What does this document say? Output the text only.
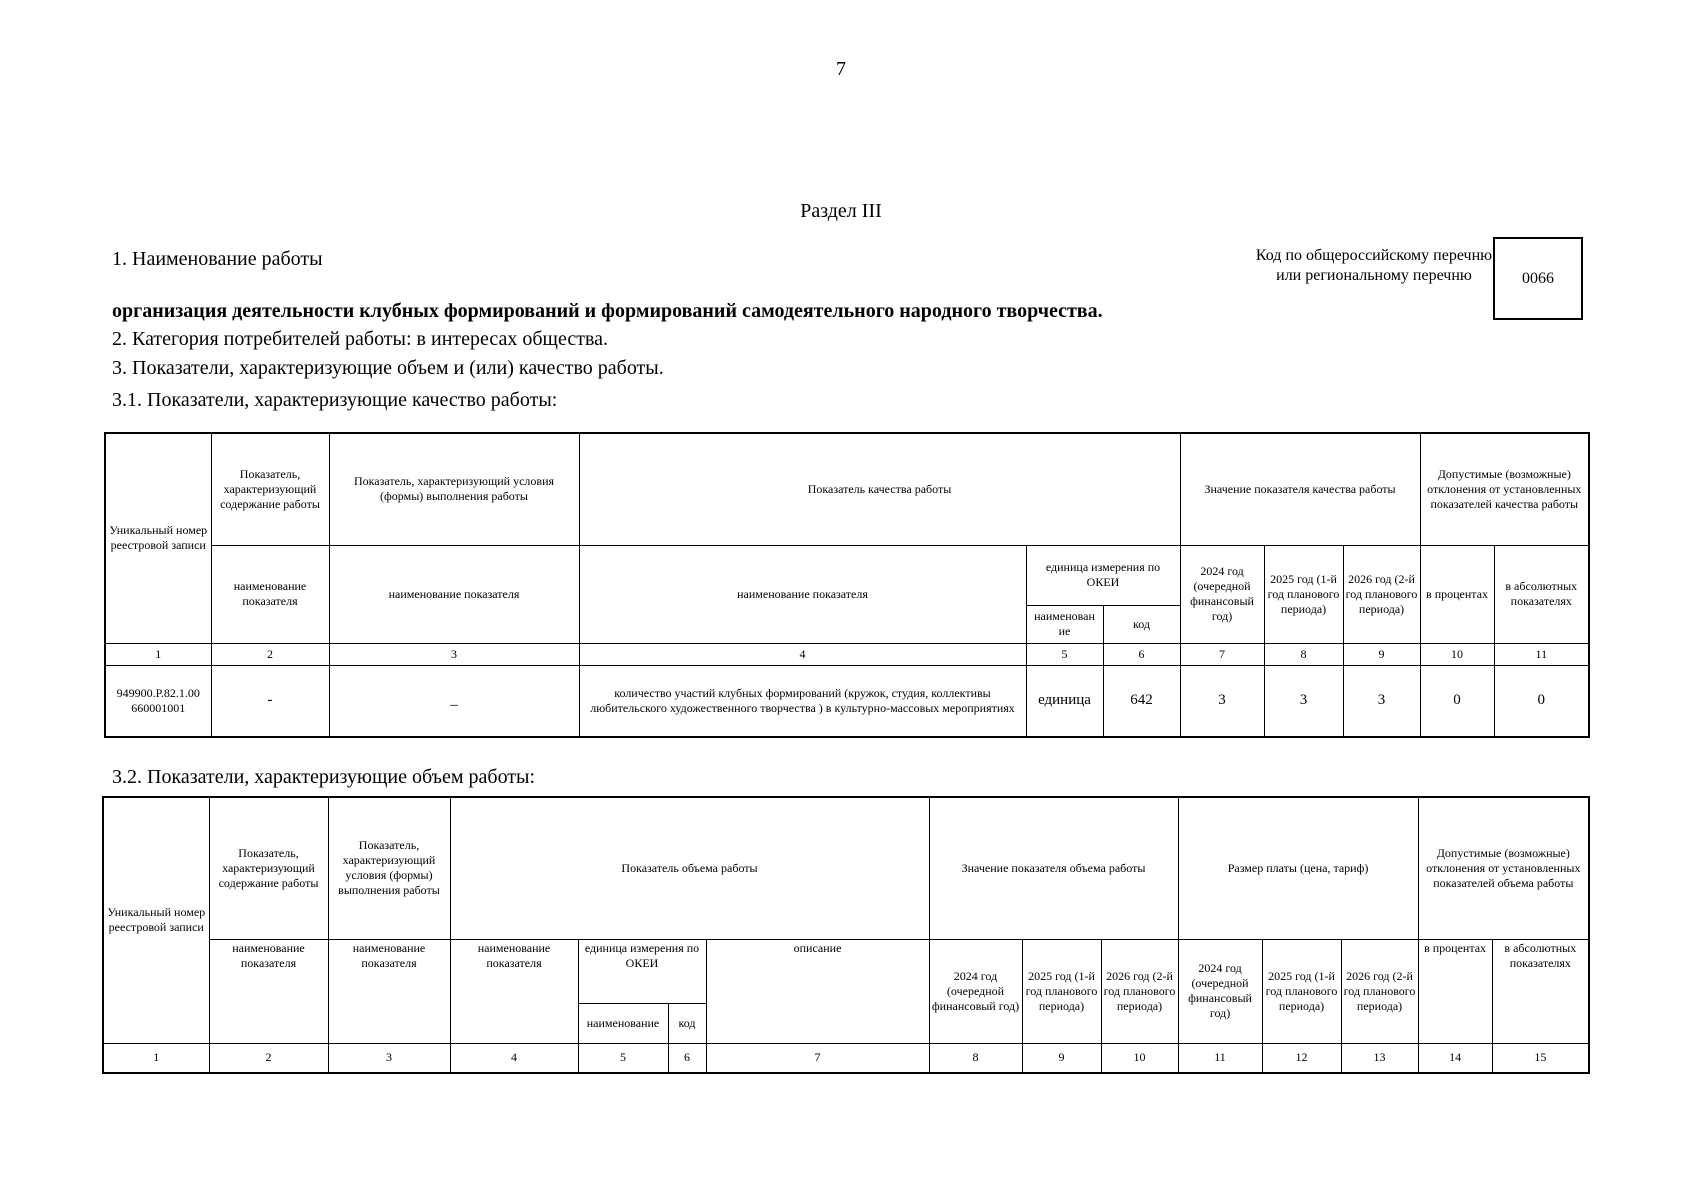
7
Раздел III
1. Наименование работы
организация деятельности клубных формирований и формирований самодеятельного народного творчества.
2. Категория потребителей работы: в интересах общества.
3. Показатели, характеризующие объем и (или) качество работы.
3.1. Показатели, характеризующие качество работы:
Код по общероссийскому перечню или региональному перечню	0066
Уникальный номер реестровой записи	Показатель, характеризующий содержание работы	Показатель, характеризующий условия (формы) выполнения работы	Показатель качества работы			Значение показателя качества работы			Допустимые (возможные) отклонения от установленных показателей качества работы	
	наименование показателя	наименование показателя	наименование показателя	единица измерения по ОКЕИ		2024 год (очередной финансовый год)	2025 год (1-й год планового периода)	2026 год (2-й год планового периода)	в процентах	в абсолютных показателях
				наименован ие	код					
1	2	3	4	5	6	7	8	9	10	11
949900.Р.82.1.00 660001001	-	_	количество участий клубных формирований (кружок, студия, коллективы любительского художественного творчества ) в культурно-массовых мероприятиях	единица	642	3	3	3	0	0
3.2. Показатели, характеризующие объем работы:
Уникальный номер реестровой записи	Показатель, характеризующий содержание работы	Показатель, характеризующий условия (формы) выполнения работы	Показатель объема работы				Значение показателя объема работы			Размер платы (цена, тариф)			Допустимые (возможные) отклонения от установленных показателей объема работы	
	наименование показателя	наименование показателя	наименование показателя	единица измерения по ОКЕИ		описание	2024 год (очередной финансовый год)	2025 год (1-й год планового периода)	2026 год (2-й год планового периода)	2024 год (очередной финансовый год)	2025 год (1-й год планового периода)	2026 год (2-й год планового периода)	в процентах	в абсолютных показателях
				наименование	код									
1	2	3	4	5	6	7	8	9	10	11	12	13	14	15
